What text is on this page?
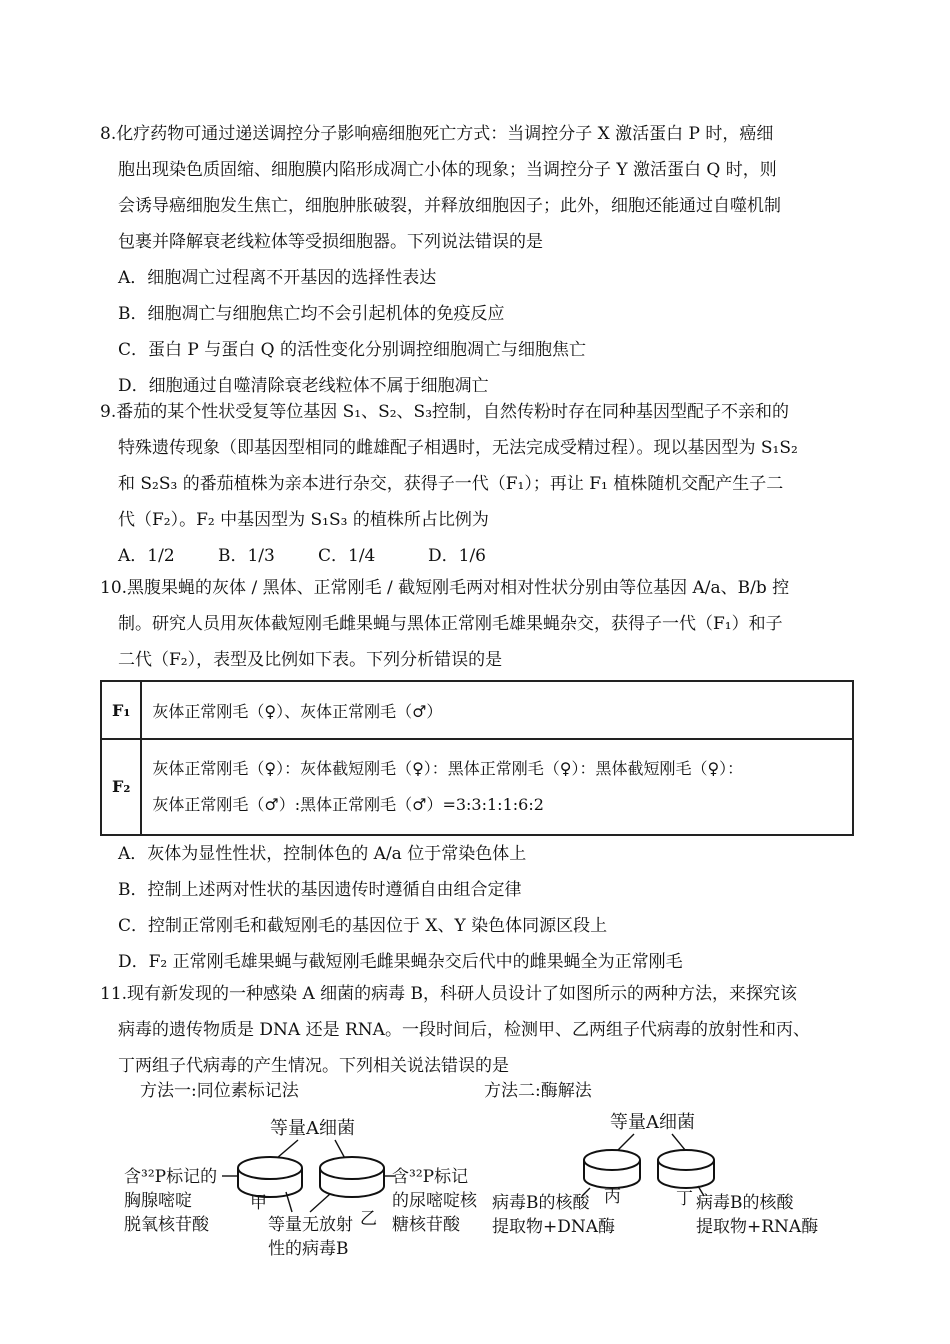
8.化疗药物可通过递送调控分子影响癌细胞死亡方式：当调控分子 X 激活蛋白 P 时，癌细

胞出现染色质固缩、细胞膜内陷形成凋亡小体的现象；当调控分子 Y 激活蛋白 Q 时，则

会诱导癌细胞发生焦亡，细胞肿胀破裂，并释放细胞因子；此外，细胞还能通过自噬机制

包裹并降解衰老线粒体等受损细胞器。下列说法错误的是

A．细胞凋亡过程离不开基因的选择性表达

B．细胞凋亡与细胞焦亡均不会引起机体的免疫反应

C．蛋白 P 与蛋白 Q 的活性变化分别调控细胞凋亡与细胞焦亡

D．细胞通过自噬清除衰老线粒体不属于细胞凋亡

9.番茄的某个性状受复等位基因 S₁、S₂、S₃控制，自然传粉时存在同种基因型配子不亲和的

特殊遗传现象（即基因型相同的雌雄配子相遇时，无法完成受精过程）。现以基因型为 S₁S₂

和 S₂S₃ 的番茄植株为亲本进行杂交，获得子一代（F₁）；再让 F₁ 植株随机交配产生子二

代（F₂）。F₂ 中基因型为 S₁S₃ 的植株所占比例为

A．1/2	B．1/3	C．1/4	D．1/6

10.黑腹果蝇的灰体 / 黑体、正常刚毛 / 截短刚毛两对相对性状分别由等位基因 A/a、B/b 控

制。研究人员用灰体截短刚毛雌果蝇与黑体正常刚毛雄果蝇杂交，获得子一代（F₁）和子

二代（F₂），表型及比例如下表。下列分析错误的是

F₁	灰体正常刚毛（♀）、灰体正常刚毛（♂）
F₂	灰体正常刚毛（♀）：灰体截短刚毛（♀）：黑体正常刚毛（♀）：黑体截短刚毛（♀）：
灰体正常刚毛（♂）:黑体正常刚毛（♂）=3:3:1:1:6:2

A．灰体为显性性状，控制体色的 A/a 位于常染色体上

B．控制上述两对性状的基因遗传时遵循自由组合定律

C．控制正常刚毛和截短刚毛的基因位于 X、Y 染色体同源区段上

D．F₂ 正常刚毛雄果蝇与截短刚毛雌果蝇杂交后代中的雌果蝇全为正常刚毛

11.现有新发现的一种感染 A 细菌的病毒 B，科研人员设计了如图所示的两种方法，来探究该

病毒的遗传物质是 DNA 还是 RNA。一段时间后，检测甲、乙两组子代病毒的放射性和丙、

丁两组子代病毒的产生情况。下列相关说法错误的是

方法一:同位素标记法	方法二:酶解法
等量A细菌
含³²P标记的
胸腺嘧啶
脱氧核苷酸
甲
乙
等量无放射
性的病毒B
含³²P标记
的尿嘧啶核
糖核苷酸
等量A细菌
丙	丁
病毒B的核酸
提取物+DNA酶
病毒B的核酸
提取物+RNA酶
